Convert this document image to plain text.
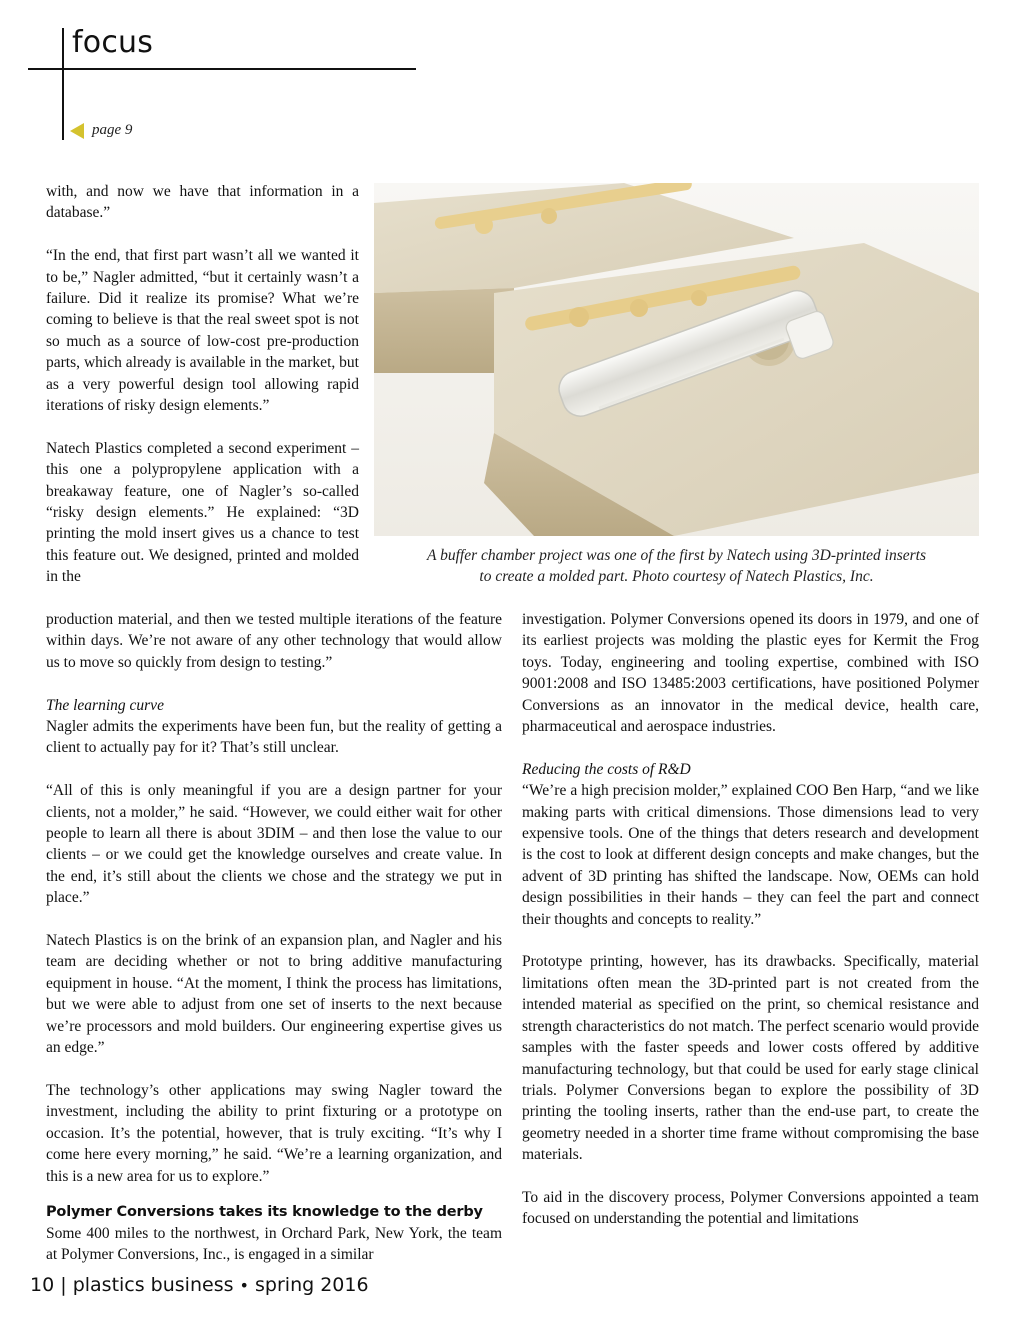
focus
page 9
A buffer chamber project was one of the first by Natech using 3D-printed inserts
to create a molded part. Photo courtesy of Natech Plastics, Inc.

with, and now we have that information in a database.”

“In the end, that first part wasn’t all we wanted it to be,” Nagler admitted, “but it certainly wasn’t a failure. Did it realize its promise? What we’re coming to believe is that the real sweet spot is not so much as a source of low-cost pre-production parts, which already is available in the market, but as a very powerful design tool allowing rapid iterations of risky design elements.”

Natech Plastics completed a second experiment – this one a polypropylene application with a breakaway feature, one of Nagler’s so-called “risky design elements.” He explained: “3D printing the mold insert gives us a chance to test this feature out. We designed, printed and molded in the

production material, and then we tested multiple iterations of the feature within days. We’re not aware of any other technology that would allow us to move so quickly from design to testing.”

The learning curve

Nagler admits the experiments have been fun, but the reality of getting a client to actually pay for it? That’s still unclear.

“All of this is only meaningful if you are a design partner for your clients, not a molder,” he said. “However, we could either wait for other people to learn all there is about 3DIM – and then lose the value to our clients – or we could get the knowledge ourselves and create value. In the end, it’s still about the clients we chose and the strategy we put in place.”

Natech Plastics is on the brink of an expansion plan, and Nagler and his team are deciding whether or not to bring additive manufacturing equipment in house. “At the moment, I think the process has limitations, but we were able to adjust from one set of inserts to the next because we’re processors and mold builders. Our engineering expertise gives us an edge.”

The technology’s other applications may swing Nagler toward the investment, including the ability to print fixturing or a prototype on occasion. It’s the potential, however, that is truly exciting. “It’s why I come here every morning,” he said. “We’re a learning organization, and this is a new area for us to explore.”

Polymer Conversions takes its knowledge to the derby

Some 400 miles to the northwest, in Orchard Park, New York, the team at Polymer Conversions, Inc., is engaged in a similar

investigation. Polymer Conversions opened its doors in 1979, and one of its earliest projects was molding the plastic eyes for Kermit the Frog toys. Today, engineering and tooling expertise, combined with ISO 9001:2008 and ISO 13485:2003 certifications, have positioned Polymer Conversions as an innovator in the medical device, health care, pharmaceutical and aerospace industries.

Reducing the costs of R&D

“We’re a high precision molder,” explained COO Ben Harp, “and we like making parts with critical dimensions. Those dimensions lead to very expensive tools. One of the things that deters research and development is the cost to look at different design concepts and make changes, but the advent of 3D printing has shifted the landscape. Now, OEMs can hold design possibilities in their hands – they can feel the part and connect their thoughts and concepts to reality.”

Prototype printing, however, has its drawbacks. Specifically, material limitations often mean the 3D-printed part is not created from the intended material as specified on the print, so chemical resistance and strength characteristics do not match. The perfect scenario would provide samples with the faster speeds and lower costs offered by additive manufacturing technology, but that could be used for early stage clinical trials. Polymer Conversions began to explore the possibility of 3D printing the tooling inserts, rather than the end-use part, to create the geometry needed in a shorter time frame without compromising the base materials.

To aid in the discovery process, Polymer Conversions appointed a team focused on understanding the potential and limitations

10 | plastics business • spring 2016
